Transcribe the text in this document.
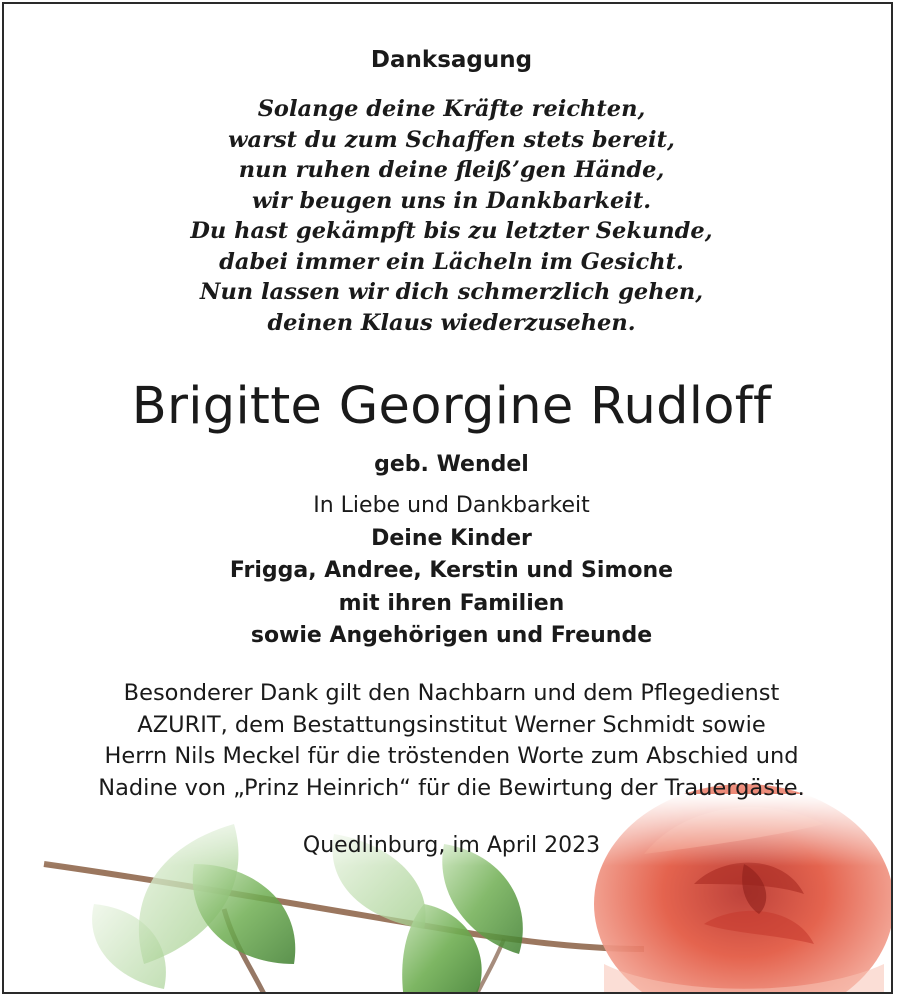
Danksagung
Solange deine Kräfte reichten,
warst du zum Schaffen stets bereit,
nun ruhen deine fleiß’gen Hände,
wir beugen uns in Dankbarkeit.
Du hast gekämpft bis zu letzter Sekunde,
dabei immer ein Lächeln im Gesicht.
Nun lassen wir dich schmerzlich gehen,
deinen Klaus wiederzusehen.
Brigitte Georgine Rudloff
geb. Wendel
In Liebe und Dankbarkeit
Deine Kinder
Frigga, Andree, Kerstin und Simone
mit ihren Familien
sowie Angehörigen und Freunde
Besonderer Dank gilt den Nachbarn und dem Pflegedienst
AZURIT, dem Bestattungsinstitut Werner Schmidt sowie
Herrn Nils Meckel für die tröstenden Worte zum Abschied und
Nadine von „Prinz Heinrich“ für die Bewirtung der Trauergäste.
Quedlinburg, im April 2023
